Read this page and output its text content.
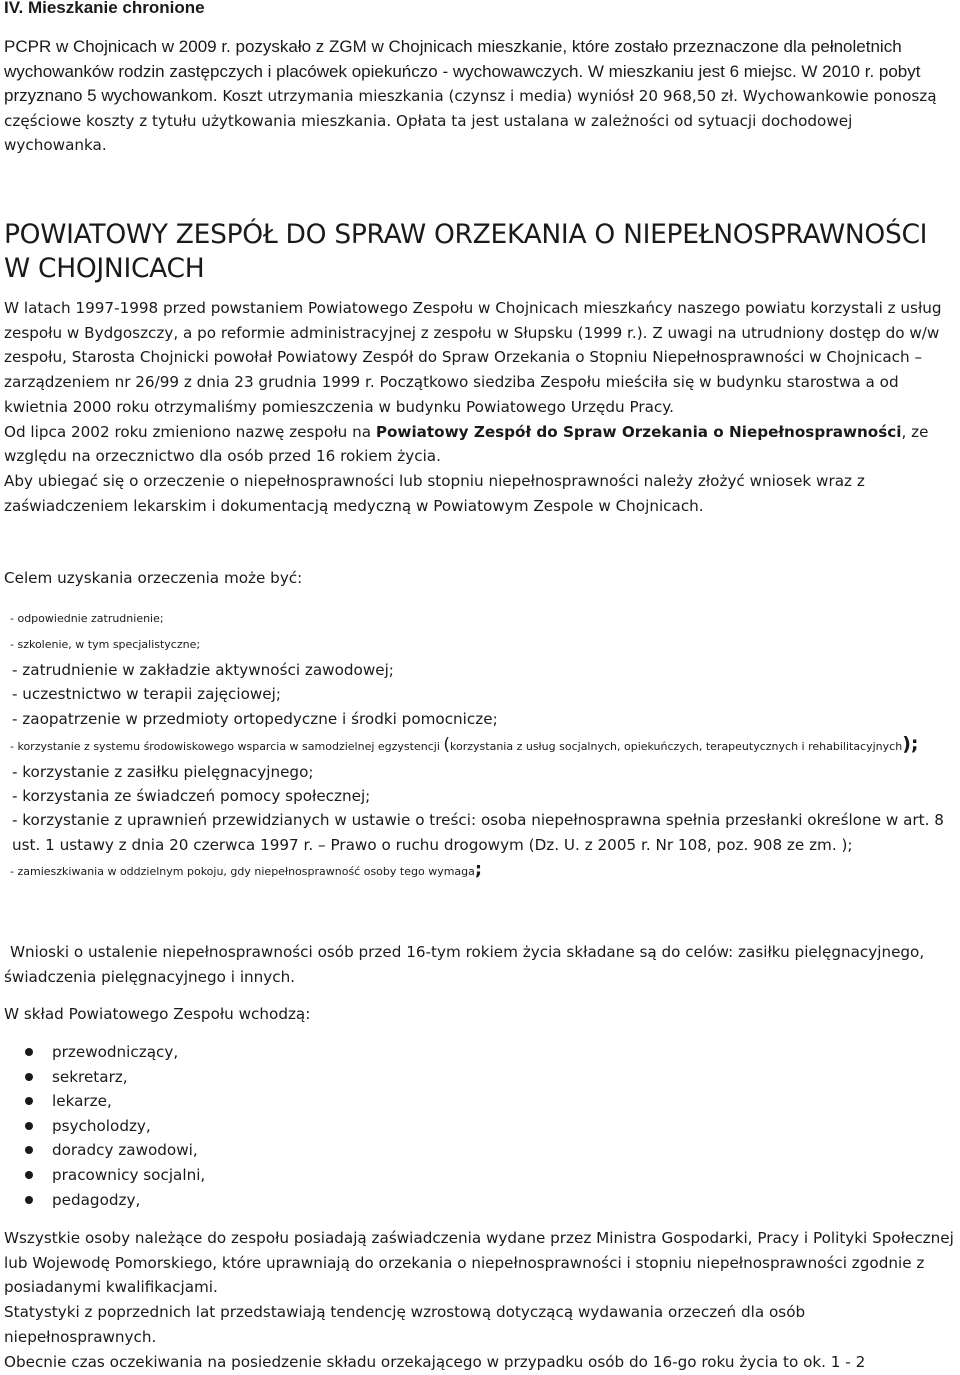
IV. Mieszkanie chronione

PCPR w Chojnicach w 2009 r. pozyskało z ZGM w Chojnicach mieszkanie, które zostało przeznaczone dla pełnoletnich wychowanków rodzin zastępczych i placówek opiekuńczo - wychowawczych. W mieszkaniu jest 6 miejsc. W 2010 r. pobyt przyznano 5 wychowankom. Koszt utrzymania mieszkania (czynsz i media) wyniósł 20 968,50 zł. Wychowankowie ponoszą częściowe koszty z tytułu użytkowania mieszkania. Opłata ta jest ustalana w zależności od sytuacji dochodowej wychowanka.

POWIATOWY ZESPÓŁ DO SPRAW ORZEKANIA O NIEPEŁNOSPRAWNOŚCI W CHOJNICACH

W latach 1997-1998 przed powstaniem Powiatowego Zespołu w Chojnicach mieszkańcy naszego powiatu korzystali z usług zespołu w Bydgoszczy, a po reformie administracyjnej z zespołu w Słupsku (1999 r.). Z uwagi na utrudniony dostęp do w/w zespołu, Starosta Chojnicki powołał Powiatowy Zespół do Spraw Orzekania o Stopniu Niepełnosprawności w Chojnicach – zarządzeniem nr 26/99 z dnia 23 grudnia 1999 r. Początkowo siedziba Zespołu mieściła się w budynku starostwa a od kwietnia 2000 roku otrzymaliśmy pomieszczenia w budynku Powiatowego Urzędu Pracy.

Od lipca 2002 roku zmieniono nazwę zespołu na Powiatowy Zespół do Spraw Orzekania o Niepełnosprawności, ze względu na orzecznictwo dla osób przed 16 rokiem życia.

Aby ubiegać się o orzeczenie o niepełnosprawności lub stopniu niepełnosprawności należy złożyć wniosek wraz z zaświadczeniem lekarskim i dokumentacją medyczną w Powiatowym Zespole w Chojnicach.

Celem uzyskania orzeczenia może być:

- odpowiednie zatrudnienie;
- szkolenie, w tym specjalistyczne;
- zatrudnienie w zakładzie aktywności zawodowej;
- uczestnictwo w terapii zajęciowej;
- zaopatrzenie w przedmioty ortopedyczne i środki pomocnicze;
- korzystanie z systemu środowiskowego wsparcia w samodzielnej egzystencji (korzystania z usług socjalnych, opiekuńczych, terapeutycznych i rehabilitacyjnych);
- korzystanie z zasiłku pielęgnacyjnego;
- korzystania ze świadczeń pomocy społecznej;
- korzystanie z uprawnień przewidzianych w ustawie o treści: osoba niepełnosprawna spełnia przesłanki określone w art. 8 ust. 1 ustawy z dnia 20 czerwca 1997 r. – Prawo o ruchu drogowym (Dz. U. z 2005 r. Nr 108, poz. 908 ze zm. );
- zamieszkiwania w oddzielnym pokoju, gdy niepełnosprawność osoby tego wymaga;

Wnioski o ustalenie niepełnosprawności osób przed 16-tym rokiem życia składane są do celów: zasiłku pielęgnacyjnego, świadczenia pielęgnacyjnego i innych.

W skład Powiatowego Zespołu wchodzą:

przewodniczący,
sekretarz,
lekarze,
psycholodzy,
doradcy zawodowi,
pracownicy socjalni,
pedagodzy,

Wszystkie osoby należące do zespołu posiadają zaświadczenia wydane przez Ministra Gospodarki, Pracy i Polityki Społecznej lub Wojewodę Pomorskiego, które uprawniają do orzekania o niepełnosprawności i stopniu niepełnosprawności zgodnie z posiadanymi kwalifikacjami.

Statystyki z poprzednich lat przedstawiają tendencję wzrostową dotyczącą wydawania orzeczeń dla osób niepełnosprawnych.

Obecnie czas oczekiwania na posiedzenie składu orzekającego w przypadku osób do 16-go roku życia to ok. 1 - 2
